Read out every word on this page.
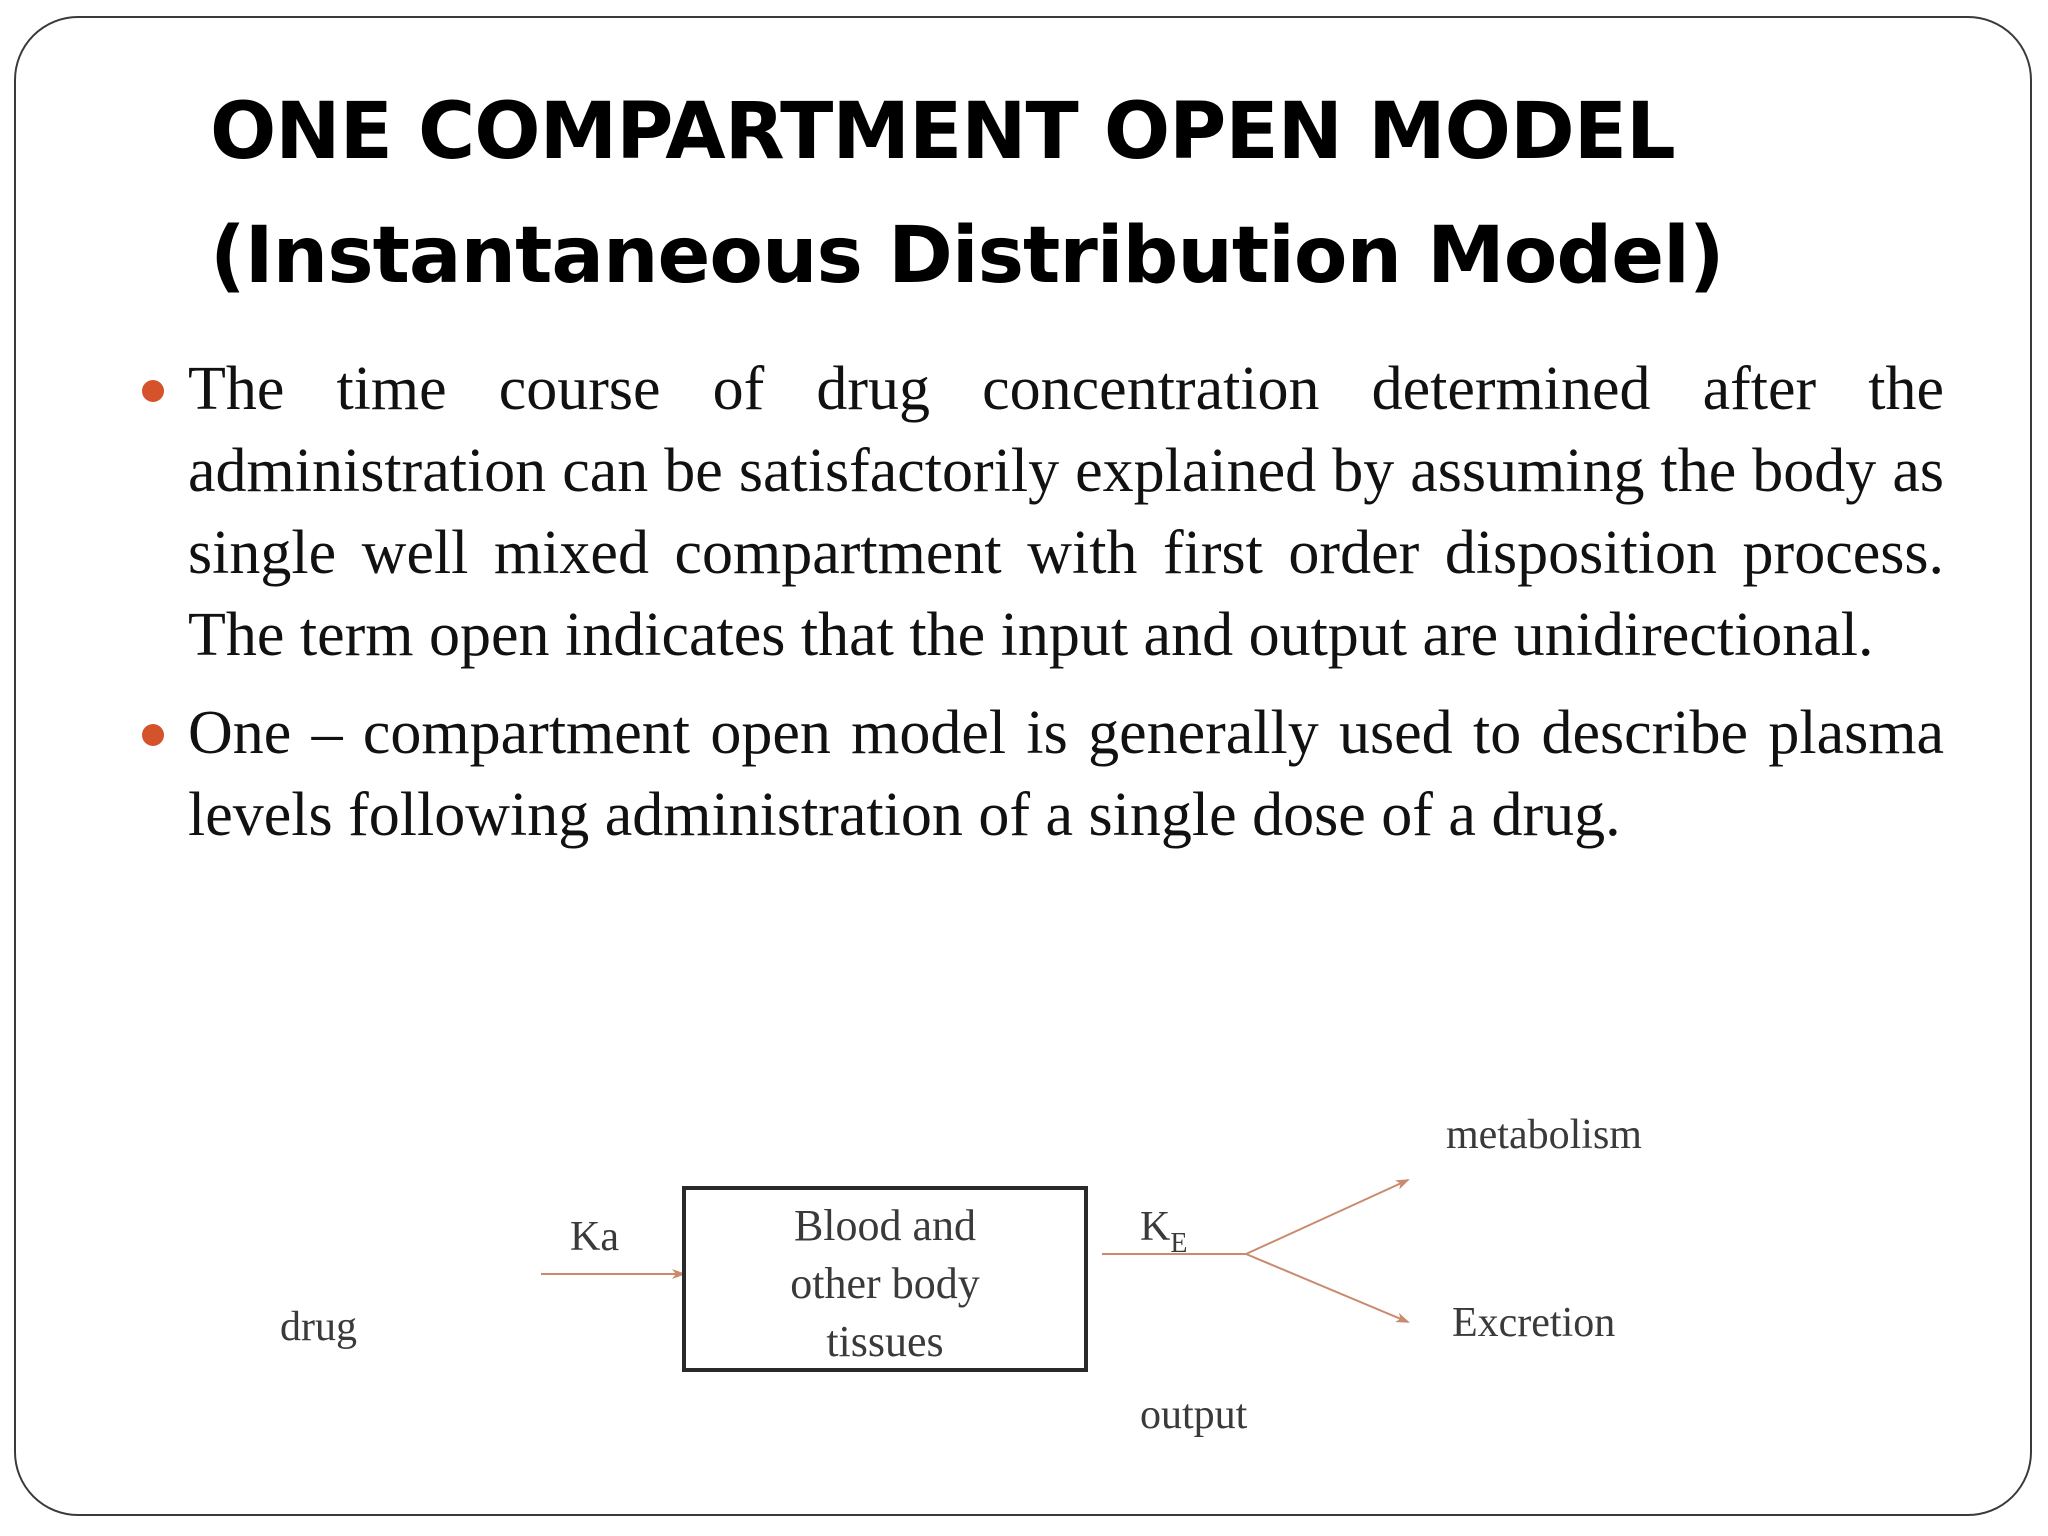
ONE COMPARTMENT OPEN MODEL
(Instantaneous Distribution Model)
The time course of drug concentration determined after the administration can be satisfactorily explained by assuming the body as single well mixed compartment with first order disposition process. The term open indicates that the input and output are unidirectional.
One – compartment open model is generally used to describe plasma levels following administration of a single dose of a drug.
drug
Ka	Blood and
other body
tissues
$K_E$
metabolism
Excretion
output
